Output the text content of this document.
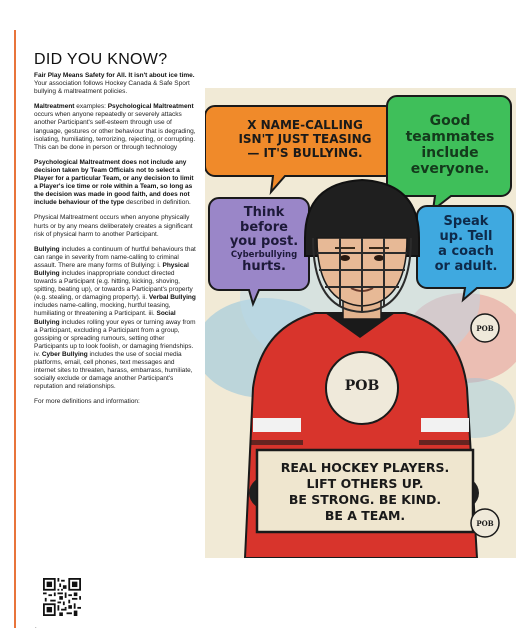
DID YOU KNOW?

Fair Play Means Safety for All. It isn't about ice time. Your association follows Hockey Canada & Safe Sport bullying & maltreatment policies.

Maltreatment examples: Psychological Maltreatment occurs when anyone repeatedly or severely attacks another Participant's self-esteem through use of language, gestures or other behaviour that is degrading, isolating, humiliating, terrorizing, rejecting, or corrupting. This can be done in person or through technology

Psychological Maltreatment does not include any decision taken by Team Officials not to select a Player for a particular Team, or any decision to limit a Player's ice time or role within a Team, so long as the decision was made in good faith, and does not include behaviour of the type described in definition.

Physical Maltreatment occurs when anyone physically hurts or by any means deliberately creates a significant risk of physical harm to another Participant.

Bullying includes a continuum of hurtful behaviours that can range in severity from name-calling to criminal assault. There are many forms of Bullying: i. Physical Bullying includes inappropriate conduct directed towards a Participant (e.g. hitting, kicking, shoving, spitting, beating up), or towards a Participant's property (e.g. stealing, or damaging property). ii. Verbal Bullying includes name-calling, mocking, hurtful teasing, humiliating or threatening a Participant. iii. Social Bullying includes rolling your eyes or turning away from a Participant, excluding a Participant from a group, gossiping or spreading rumours, setting other Participants up to look foolish, or damaging friendships. iv. Cyber Bullying includes the use of social media platforms, email, cell phones, text messages and internet sites to threaten, harass, embarrass, humiliate, socially exclude or damage another Participant's reputation and relationships.

For more definitions and information:

.
X NAME-CALLING
ISN'T JUST TEASING
— IT'S BULLYING.
Good
teammates
include
everyone.
Think
before
you post.
Cyberbullying
hurts.
Speak
up. Tell
a coach
or adult.
POB
POB
POB
REAL HOCKEY PLAYERS.
LIFT OTHERS UP.
BE STRONG. BE KIND.
BE A TEAM.
